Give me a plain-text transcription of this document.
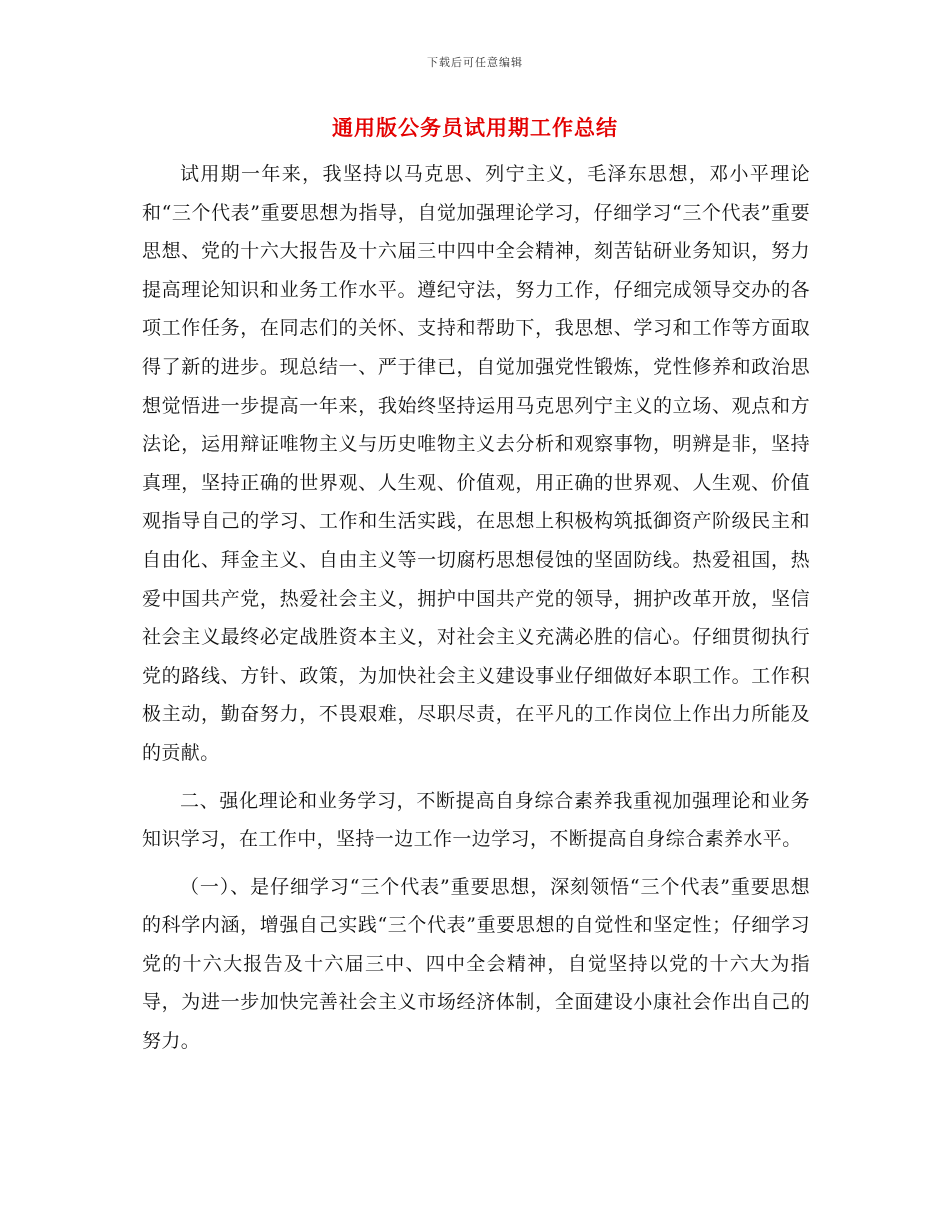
下载后可任意编辑
通用版公务员试用期工作总结

试用期一年来，我坚持以马克思、列宁主义，毛泽东思想，邓小平理论和“三个代表”重要思想为指导，自觉加强理论学习，仔细学习“三个代表”重要思想、党的十六大报告及十六届三中四中全会精神，刻苦钻研业务知识，努力提高理论知识和业务工作水平。遵纪守法，努力工作，仔细完成领导交办的各项工作任务，在同志们的关怀、支持和帮助下，我思想、学习和工作等方面取得了新的进步。现总结一、严于律已，自觉加强党性锻炼，党性修养和政治思想觉悟进一步提高一年来，我始终坚持运用马克思列宁主义的立场、观点和方法论，运用辩证唯物主义与历史唯物主义去分析和观察事物，明辨是非，坚持真理，坚持正确的世界观、人生观、价值观，用正确的世界观、人生观、价值观指导自己的学习、工作和生活实践，在思想上积极构筑抵御资产阶级民主和自由化、拜金主义、自由主义等一切腐朽思想侵蚀的坚固防线。热爱祖国，热爱中国共产党，热爱社会主义，拥护中国共产党的领导，拥护改革开放，坚信社会主义最终必定战胜资本主义，对社会主义充满必胜的信心。仔细贯彻执行党的路线、方针、政策，为加快社会主义建设事业仔细做好本职工作。工作积极主动，勤奋努力，不畏艰难，尽职尽责，在平凡的工作岗位上作出力所能及的贡献。

二、强化理论和业务学习，不断提高自身综合素养我重视加强理论和业务知识学习，在工作中，坚持一边工作一边学习，不断提高自身综合素养水平。

（一）、是仔细学习“三个代表”重要思想，深刻领悟“三个代表”重要思想的科学内涵，增强自己实践“三个代表”重要思想的自觉性和坚定性；仔细学习党的十六大报告及十六届三中、四中全会精神，自觉坚持以党的十六大为指导，为进一步加快完善社会主义市场经济体制，全面建设小康社会作出自己的努力。
